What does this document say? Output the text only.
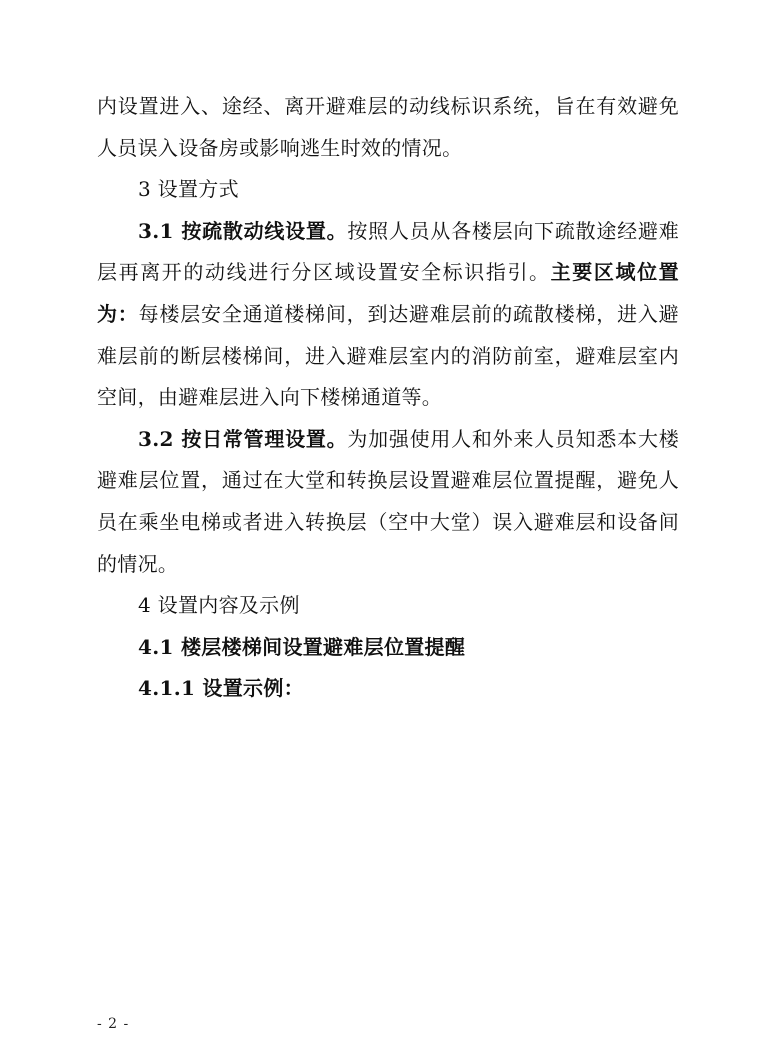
内设置进入、途经、离开避难层的动线标识系统，旨在有效避免人员误入设备房或影响逃生时效的情况。

3 设置方式

3.1 按疏散动线设置。按照人员从各楼层向下疏散途经避难层再离开的动线进行分区域设置安全标识指引。主要区域位置为：每楼层安全通道楼梯间，到达避难层前的疏散楼梯，进入避难层前的断层楼梯间，进入避难层室内的消防前室，避难层室内空间，由避难层进入向下楼梯通道等。

3.2 按日常管理设置。为加强使用人和外来人员知悉本大楼避难层位置，通过在大堂和转换层设置避难层位置提醒，避免人员在乘坐电梯或者进入转换层（空中大堂）误入避难层和设备间的情况。

4 设置内容及示例

4.1 楼层楼梯间设置避难层位置提醒

4.1.1 设置示例：

- 2 -
